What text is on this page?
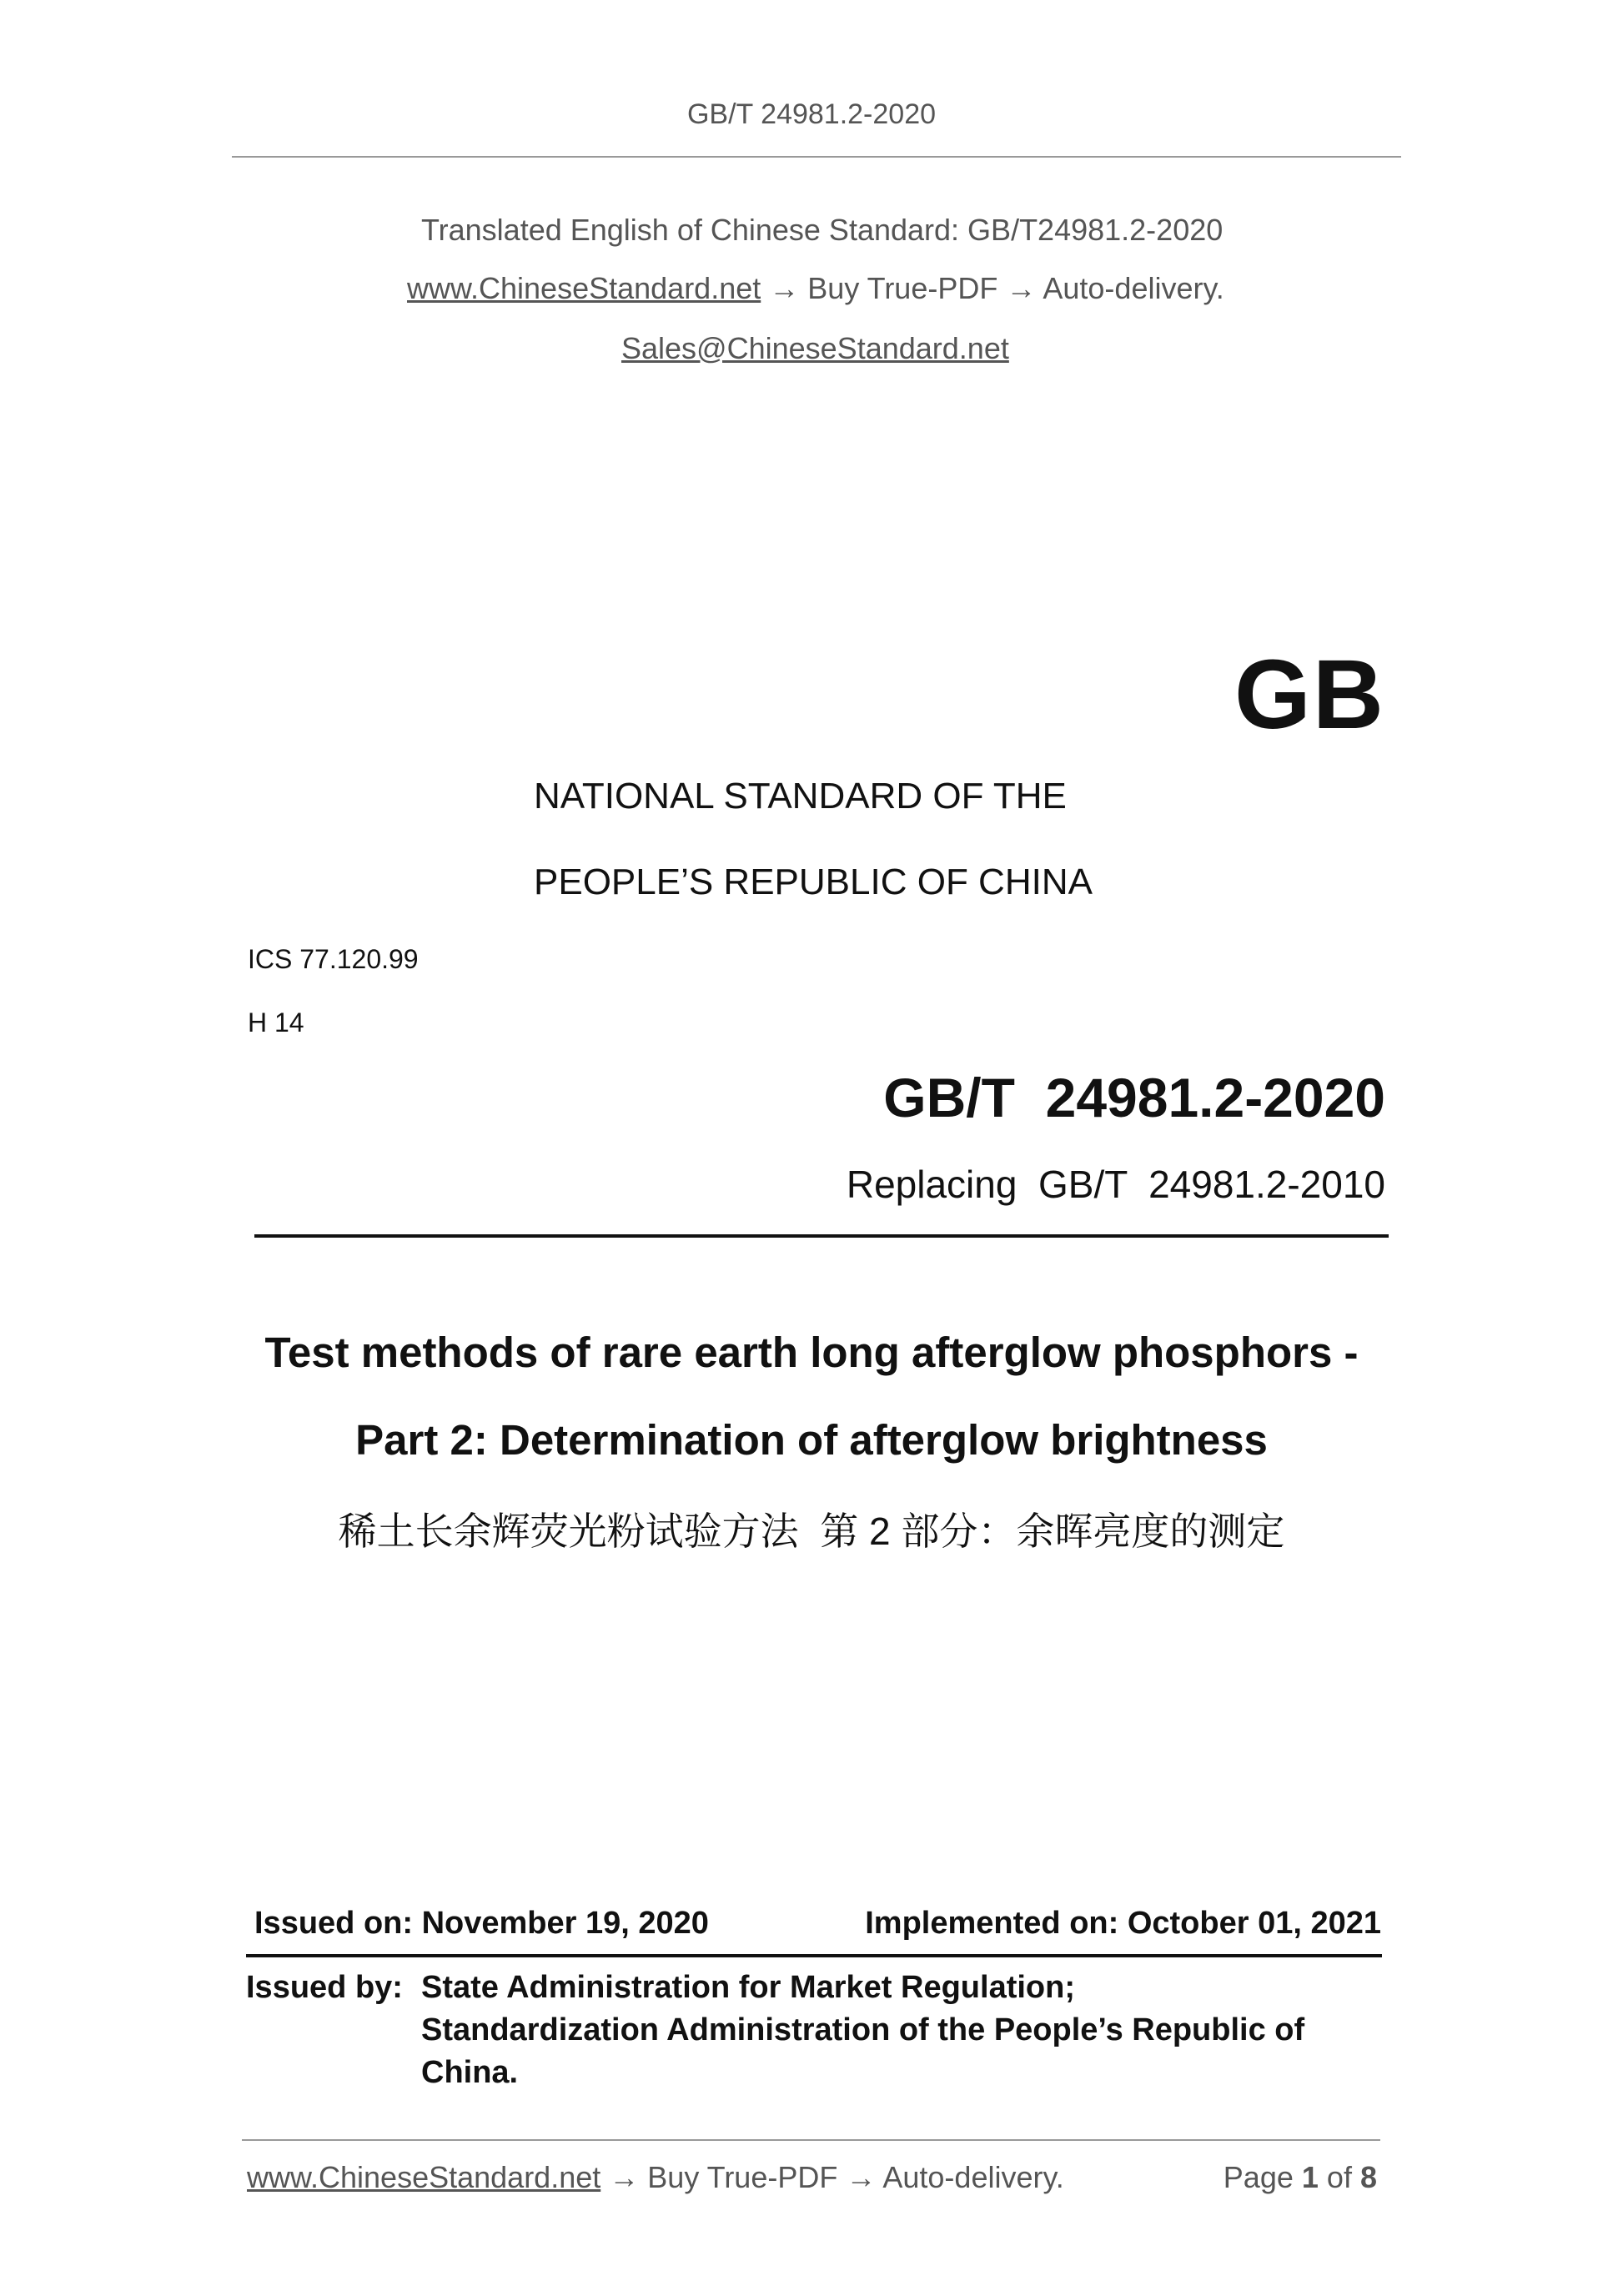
GB/T 24981.2-2020
Translated English of Chinese Standard: GB/T24981.2-2020
www.ChineseStandard.net → Buy True-PDF → Auto-delivery.
Sales@ChineseStandard.net
GB
NATIONAL STANDARD OF THE
PEOPLE’S REPUBLIC OF CHINA
ICS 77.120.99
H 14
GB/T  24981.2-2020
Replacing  GB/T  24981.2-2010
Test methods of rare earth long afterglow phosphors -
Part 2: Determination of afterglow brightness
稀土长余辉荧光粉试验方法  第 2 部分：余晖亮度的测定
Issued on: November 19, 2020	Implemented on: October 01, 2021
Issued by: State Administration for Market Regulation;
Standardization Administration of the People’s Republic of
China.
www.ChineseStandard.net → Buy True-PDF → Auto-delivery.	Page 1 of 8
